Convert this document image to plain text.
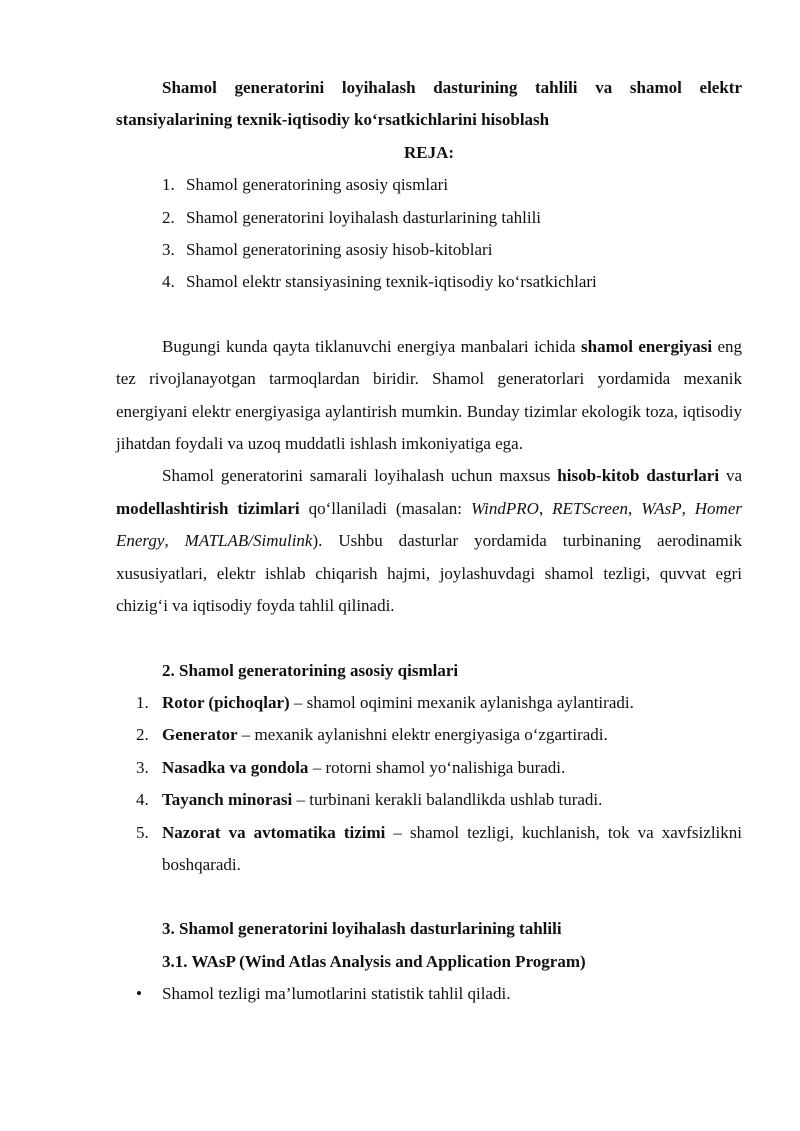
Shamol generatorini loyihalash dasturining tahlili va shamol elektr stansiyalarining texnik-iqtisodiy ko‘rsatkichlarini hisoblash

REJA:

1. Shamol generatorining asosiy qismlari
2. Shamol generatorini loyihalash dasturlarining tahlili
3. Shamol generatorining asosiy hisob-kitoblari
4. Shamol elektr stansiyasining texnik-iqtisodiy ko‘rsatkichlari

Bugungi kunda qayta tiklanuvchi energiya manbalari ichida shamol energiyasi eng tez rivojlanayotgan tarmoqlardan biridir. Shamol generatorlari yordamida mexanik energiyani elektr energiyasiga aylantirish mumkin. Bunday tizimlar ekologik toza, iqtisodiy jihatdan foydali va uzoq muddatli ishlash imkoniyatiga ega.

Shamol generatorini samarali loyihalash uchun maxsus hisob-kitob dasturlari va modellashtirish tizimlari qo‘llaniladi (masalan: WindPRO, RETScreen, WAsP, Homer Energy, MATLAB/Simulink). Ushbu dasturlar yordamida turbinaning aerodinamik xususiyatlari, elektr ishlab chiqarish hajmi, joylashuvdagi shamol tezligi, quvvat egri chizig‘i va iqtisodiy foyda tahlil qilinadi.

2. Shamol generatorining asosiy qismlari

1. Rotor (pichoqlar) – shamol oqimini mexanik aylanishga aylantiradi.
2. Generator – mexanik aylanishni elektr energiyasiga o‘zgartiradi.
3. Nasadka va gondola – rotorni shamol yo‘nalishiga buradi.
4. Tayanch minorasi – turbinani kerakli balandlikda ushlab turadi.
5. Nazorat va avtomatika tizimi – shamol tezligi, kuchlanish, tok va xavfsizlikni boshqaradi.

3. Shamol generatorini loyihalash dasturlarining tahlili

3.1. WAsP (Wind Atlas Analysis and Application Program)

•	Shamol tezligi ma’lumotlarini statistik tahlil qiladi.
